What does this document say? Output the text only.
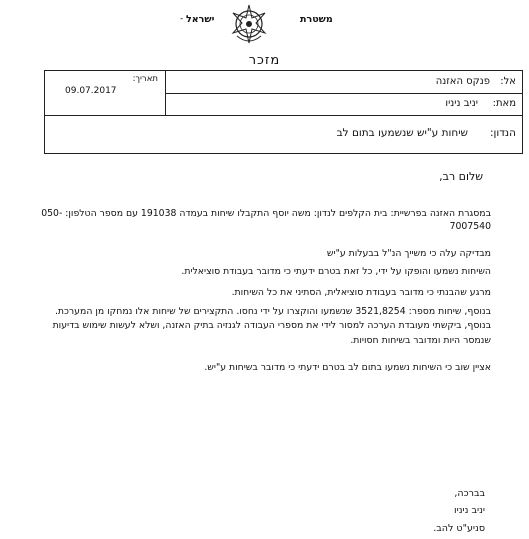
- ישראל	משטרת
מזכר
אל:
פנקס האזנה
מאת:
יניב ניניו
תאריך:
09.07.2017
הנדון:
שיחות ע"יש שנשמעו בתום לב
שלום רב,
במסגרת האזנה בפרשיית: בית הקלפים לנדון: משה יוסף התקבלו שיחות בעמדה 191038 עם מספר הטלפון: 050-7007540
מבדיקה עלה כי משייך הנ"ל בבעלות ע"יש
השיחות נשמעו והופקו על ידי, כל זאת בטרם ידעתי כי מדובר בעבודת סוציאלית.
מרגע שהבנתי כי מדובר בעבודת סוציאלית, הסתיני את כל השיחות.
בנוסף, שיחות מספר: 3521,8254 שנשמעו והוקצרו על ידי נחסו. התקצירים של שיחות אלו נמחקו מן המערכת. בנוסף, ביקשתי מעובדת הערכה למסור לידי את מספרי העבודה לגנזיה בתיק האזנה, ושלא לעשות שימוש בדיעות שנמסר היות ומדובר בשיחות חסויות.
אציין שוב כי השיחות נשמעו בתום לב בטרם ידעתי כי מדובר בשיחות ע"יש.
בברכה,
יניב ניניו
סניע"ט להב.
